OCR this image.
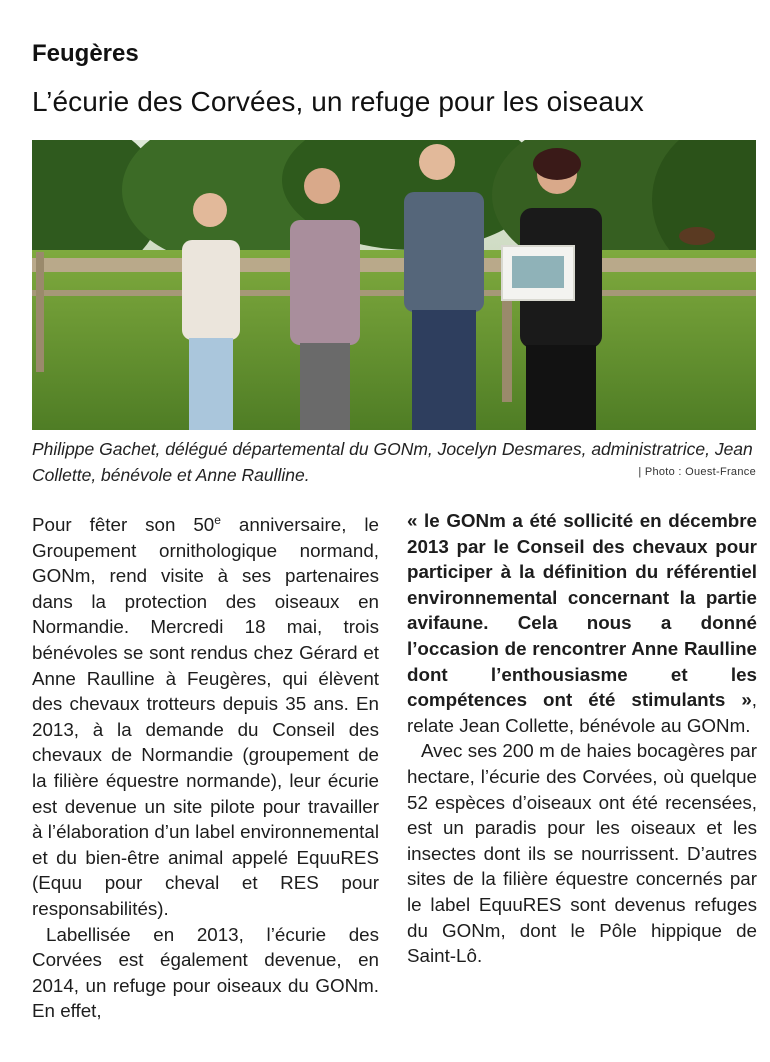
Feugères
L’écurie des Corvées, un refuge pour les oiseaux
Philippe Gachet, délégué départemental du GONm, Jocelyn Desmares, administratrice, Jean Collette, bénévole et Anne Raulline.	| Photo : Ouest-France

Pour fêter son 50e anniversaire, le Groupement ornithologique normand, GONm, rend visite à ses partenaires dans la protection des oiseaux en Normandie. Mercredi 18 mai, trois bénévoles se sont rendus chez Gérard et Anne Raulline à Feugères, qui élèvent des chevaux trotteurs depuis 35 ans. En 2013, à la demande du Conseil des chevaux de Normandie (groupement de la filière équestre normande), leur écurie est devenue un site pilote pour travailler à l’élaboration d’un label environnemental et du bien-être animal appelé EquuRES (Equu pour cheval et RES pour responsabilités).

Labellisée en 2013, l’écurie des Corvées est également devenue, en 2014, un refuge pour oiseaux du GONm. En effet,

« le GONm a été sollicité en décembre 2013 par le Conseil des chevaux pour participer à la définition du référentiel environnemental concernant la partie avifaune. Cela nous a donné l’occasion de rencontrer Anne Raulline dont l’enthousiasme et les compétences ont été stimulants », relate Jean Collette, bénévole au GONm.

Avec ses 200 m de haies bocagères par hectare, l’écurie des Corvées, où quelque 52 espèces d’oiseaux ont été recensées, est un paradis pour les oiseaux et les insectes dont ils se nourrissent. D’autres sites de la filière équestre concernés par le label EquuRES sont devenus refuges du GONm, dont le Pôle hippique de Saint-Lô.
